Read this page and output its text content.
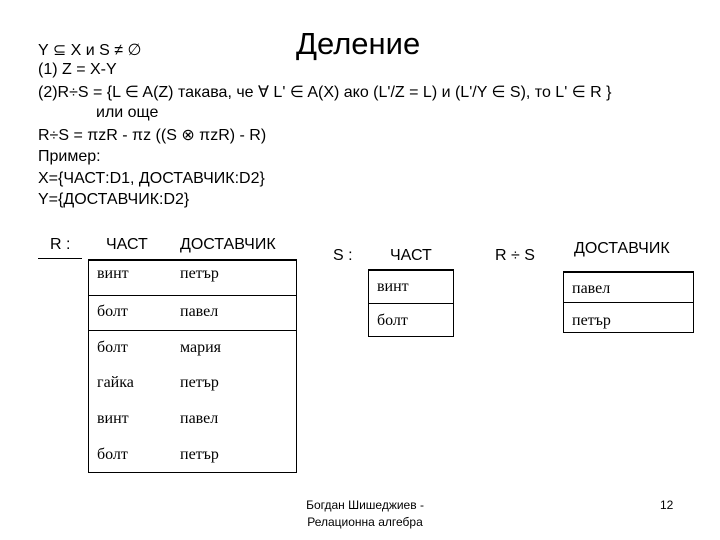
Деление
Y ⊆ X и S ≠ ∅
(1) Z = X-Y
(2)R÷S = {L ∈ A(Z) такава, че ∀ L' ∈ A(X) ако (L'/Z = L) и (L'/Y ∈ S), то L' ∈ R }
или още
R÷S = πzR - πz ((S ⊗ πzR) - R)
Пример:
X={ЧАСТ:D1, ДОСТАВЧИК:D2}
Y={ДОСТАВЧИК:D2}
R : ЧАСТ ДОСТАВЧИК
винт	петър
болт	павел
болт	мария
гайка	петър
винт	павел
болт	петър
S : ЧАСТ
винт
болт
R ÷ S ДОСТАВЧИК
павел
петър
Богдан Шишеджиев -
Релационна алгебра
12
